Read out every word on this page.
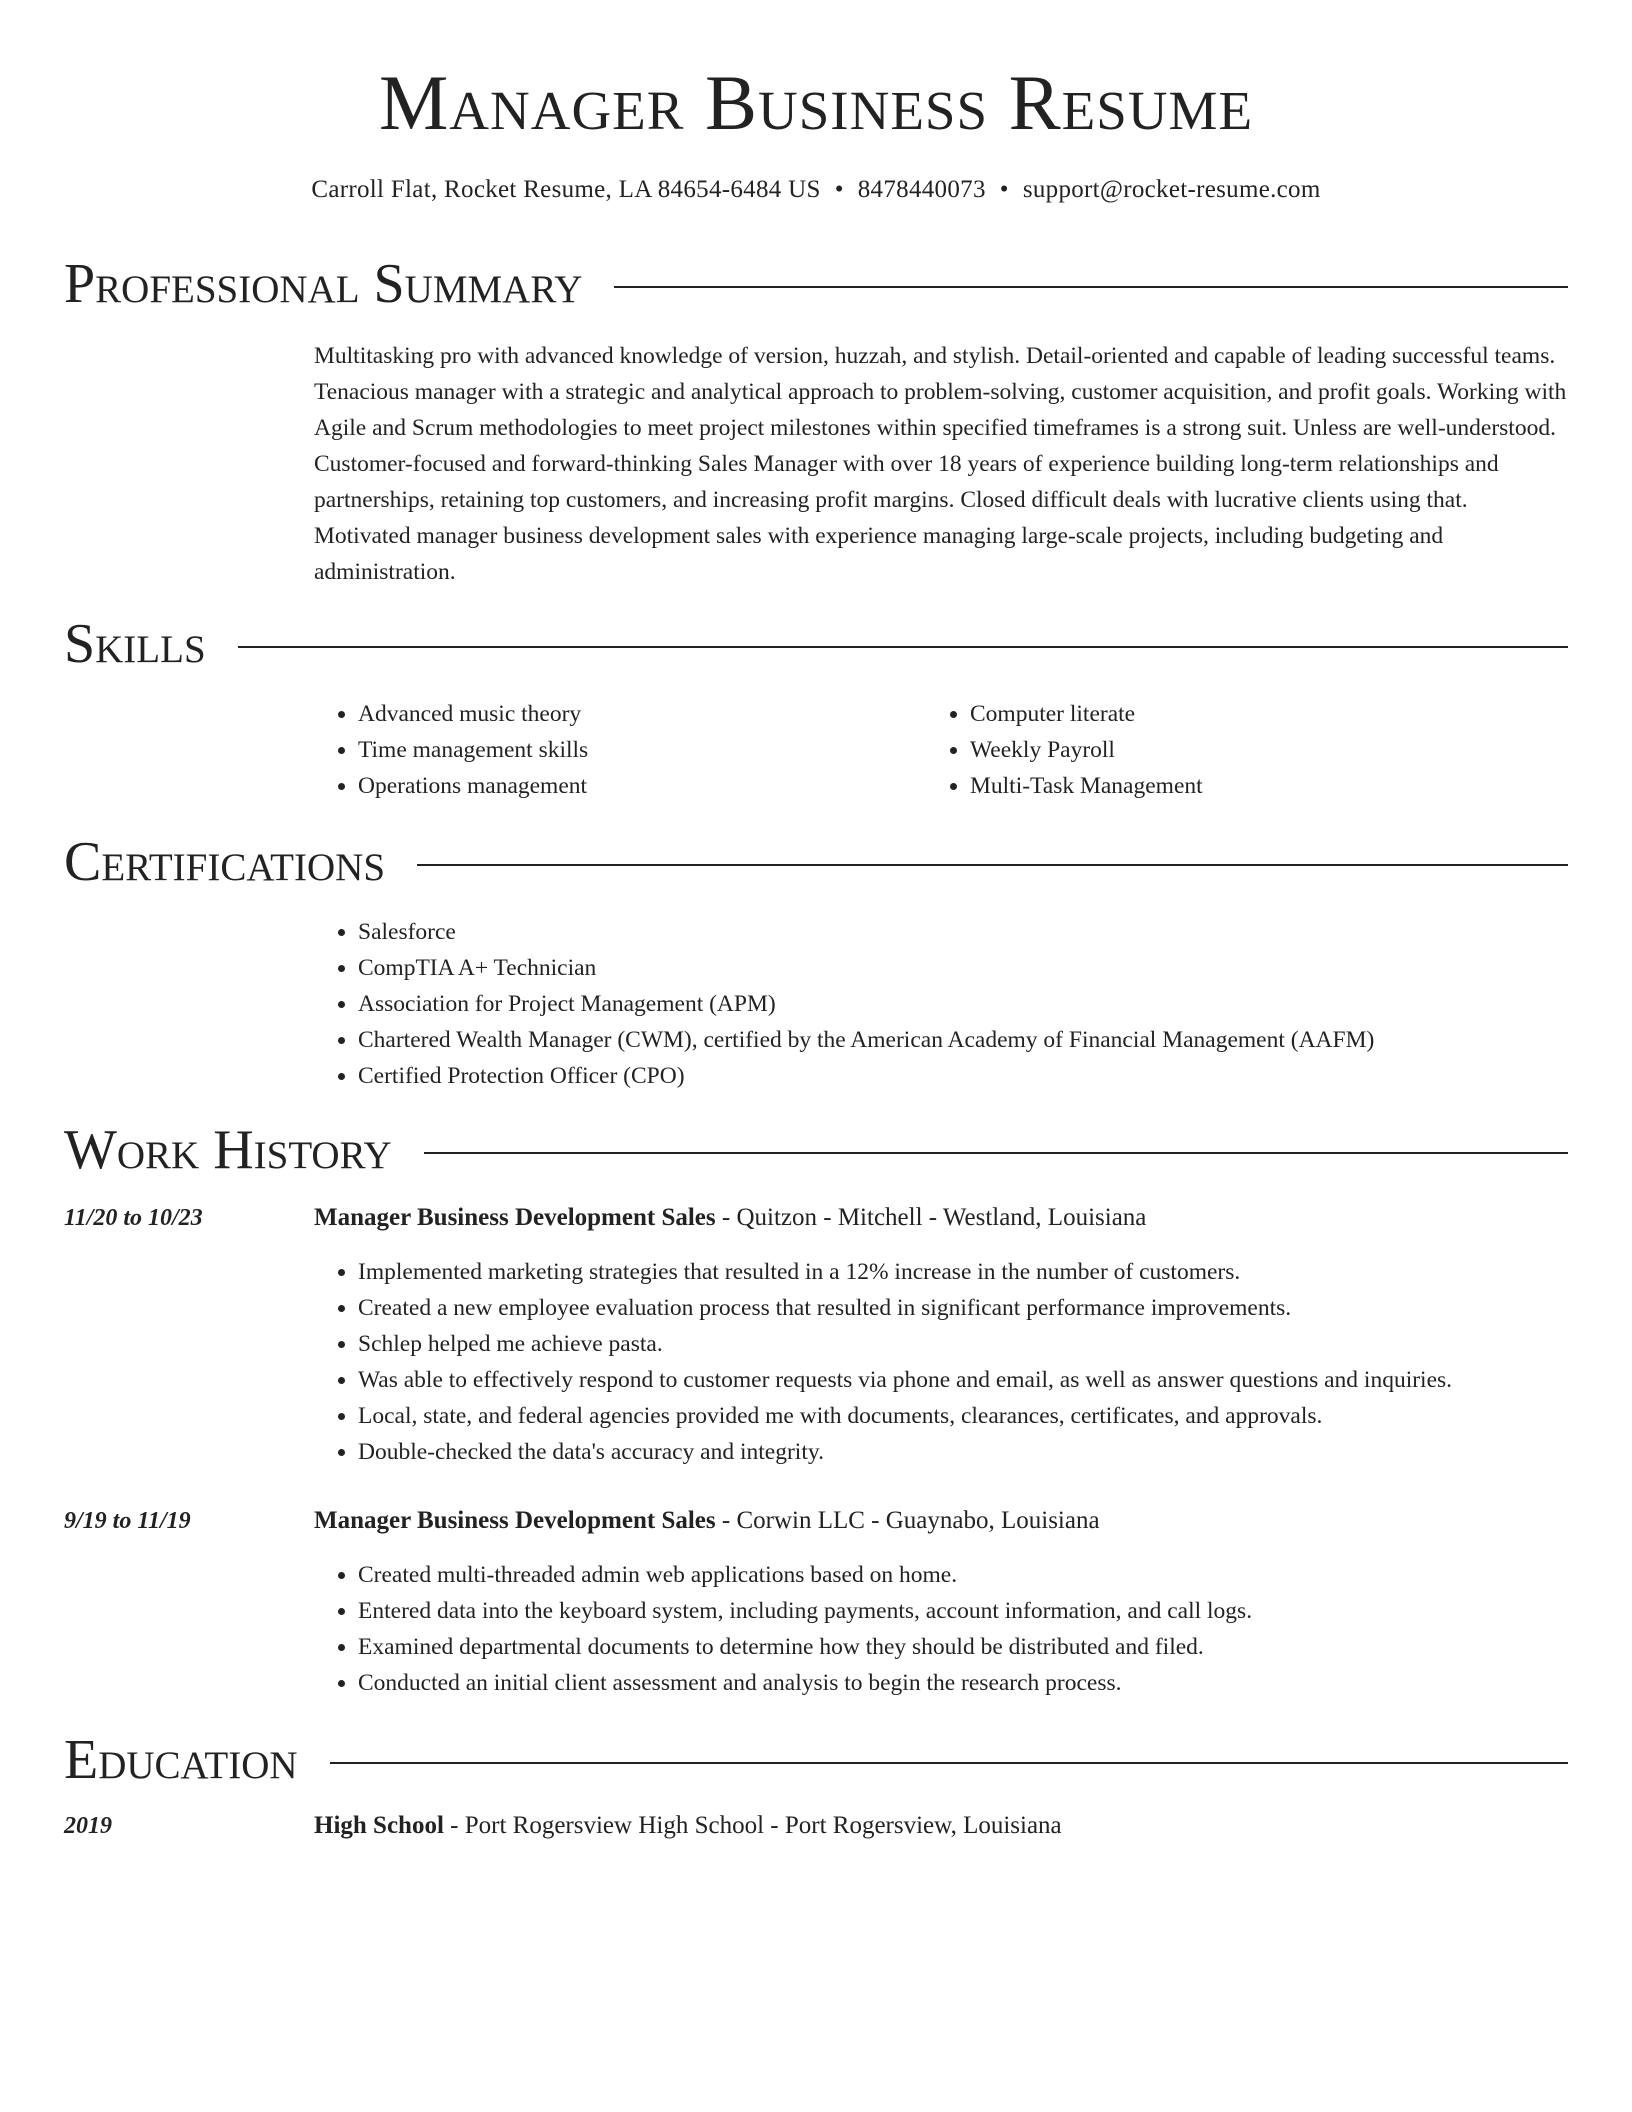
Manager Business Resume
Carroll Flat, Rocket Resume, LA 84654-6484 US • 8478440073 • support@rocket-resume.com
Professional Summary

Multitasking pro with advanced knowledge of version, huzzah, and stylish. Detail-oriented and capable of leading successful teams. Tenacious manager with a strategic and analytical approach to problem-solving, customer acquisition, and profit goals. Working with Agile and Scrum methodologies to meet project milestones within specified timeframes is a strong suit. Unless are well-understood. Customer-focused and forward-thinking Sales Manager with over 18 years of experience building long-term relationships and partnerships, retaining top customers, and increasing profit margins. Closed difficult deals with lucrative clients using that. Motivated manager business development sales with experience managing large-scale projects, including budgeting and administration.

Skills
• Advanced music theory
• Time management skills
• Operations management
• Computer literate
• Weekly Payroll
• Multi-Task Management
Certifications
• Salesforce
• CompTIA A+ Technician
• Association for Project Management (APM)
• Chartered Wealth Manager (CWM), certified by the American Academy of Financial Management (AAFM)
• Certified Protection Officer (CPO)
Work History
11/20 to 10/23	Manager Business Development Sales - Quitzon - Mitchell - Westland, Louisiana
• Implemented marketing strategies that resulted in a 12% increase in the number of customers.
• Created a new employee evaluation process that resulted in significant performance improvements.
• Schlep helped me achieve pasta.
• Was able to effectively respond to customer requests via phone and email, as well as answer questions and inquiries.
• Local, state, and federal agencies provided me with documents, clearances, certificates, and approvals.
• Double-checked the data's accuracy and integrity.
9/19 to 11/19	Manager Business Development Sales - Corwin LLC - Guaynabo, Louisiana
• Created multi-threaded admin web applications based on home.
• Entered data into the keyboard system, including payments, account information, and call logs.
• Examined departmental documents to determine how they should be distributed and filed.
• Conducted an initial client assessment and analysis to begin the research process.
Education
2019	High School - Port Rogersview High School - Port Rogersview, Louisiana
